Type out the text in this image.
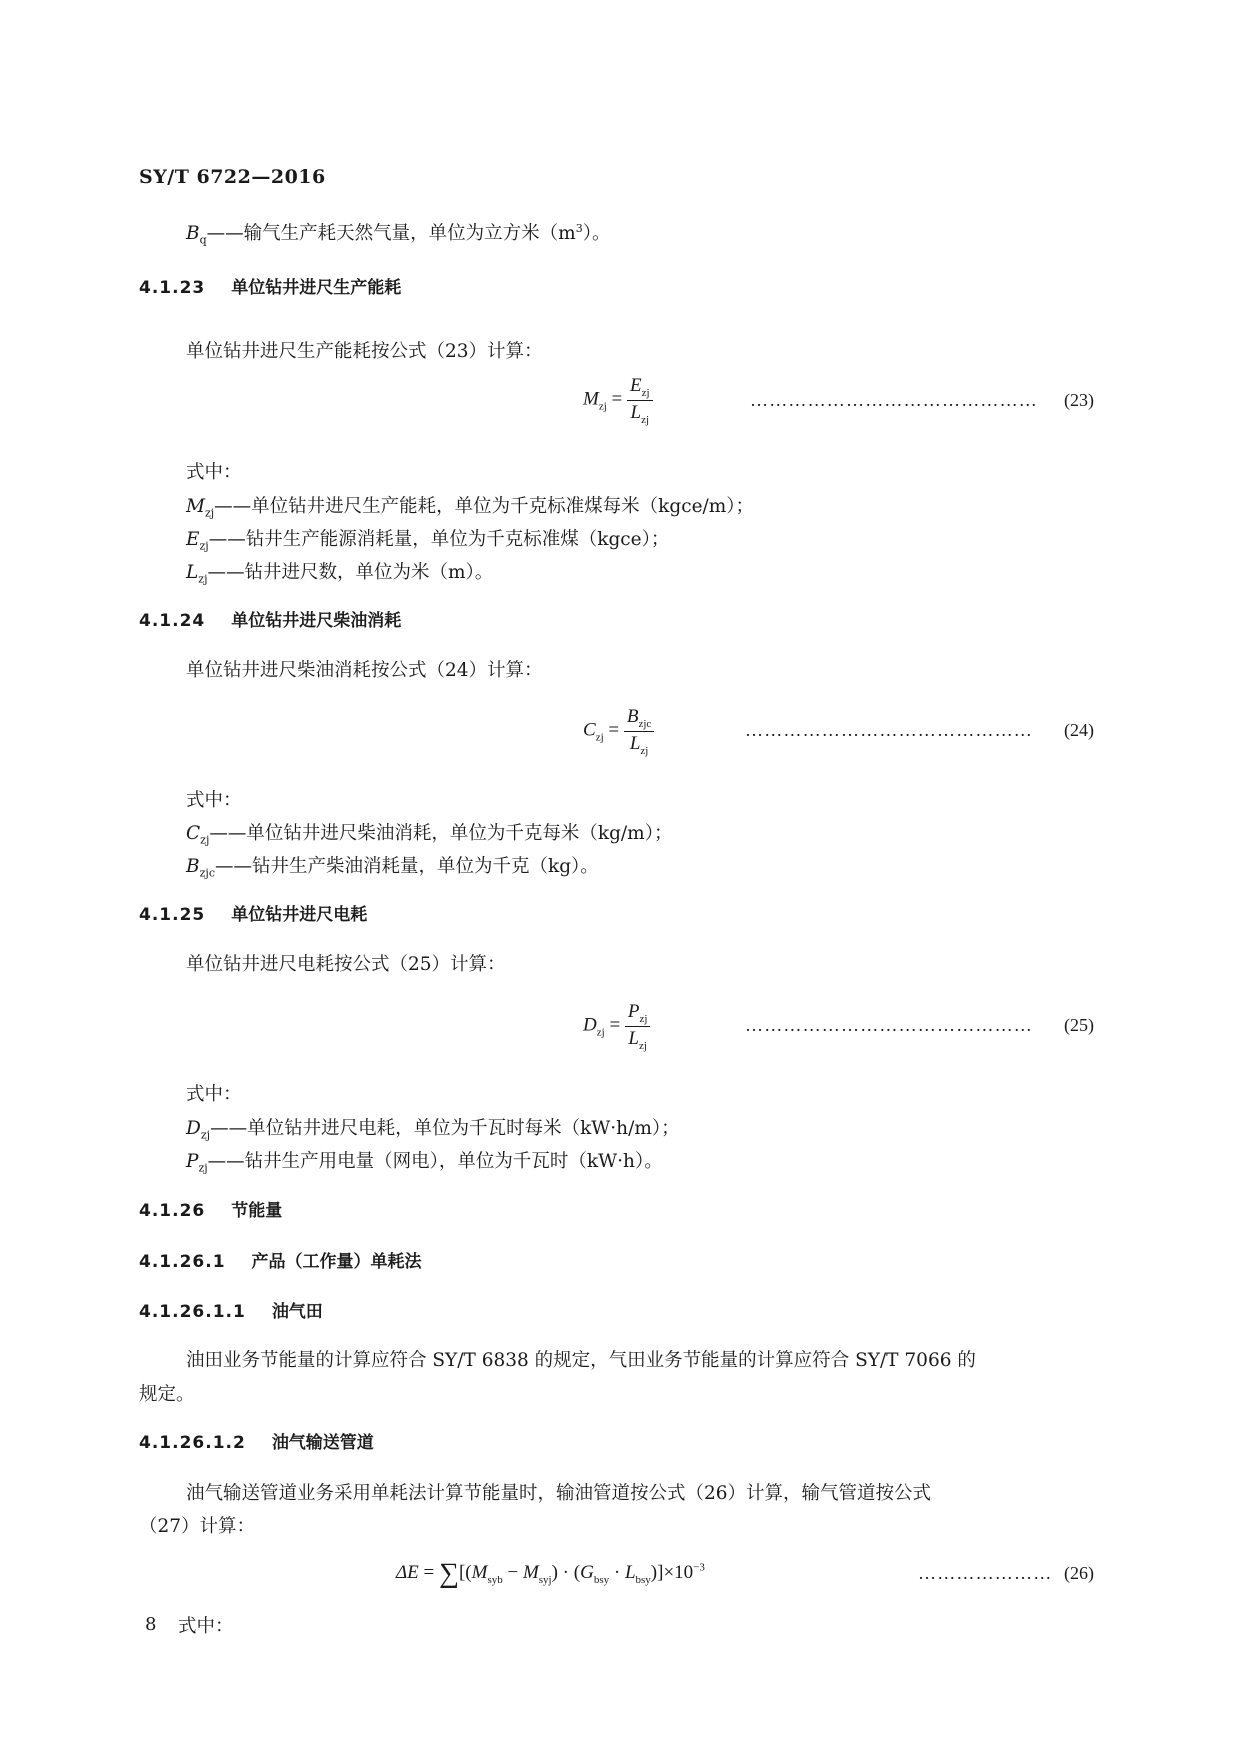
SY/T 6722—2016
$B_q——$输气生产耗天然气量，单位为立方米$(m^3)$。
4.1.23 单位钻井进尺生产能耗
单位钻井进尺生产能耗按公式（23）计算：
$M_{zj} = \frac{E_{zj}}{L_{zj}}$	……………………………………… (23)
式中：
$M_{zj}——$单位钻井进尺生产能耗，单位为千克标准煤每米（kgce/m）；
$E_{zj}——$钻井生产能源消耗量，单位为千克标准煤（kgce）；
$L_{zj}——$钻井进尺数，单位为米（m）。
4.1.24 单位钻井进尺柴油消耗
单位钻井进尺柴油消耗按公式（24）计算：
$C_{zj} = \frac{B_{zjc}}{L_{zj}}$	……………………………………… (24)
式中：
$C_{zj}——$单位钻井进尺柴油消耗，单位为千克每米（kg/m）；
$B_{zjc}——$钻井生产柴油消耗量，单位为千克（kg）。
4.1.25 单位钻井进尺电耗
单位钻井进尺电耗按公式（25）计算：
$D_{zj} = \frac{P_{zj}}{L_{zj}}$	……………………………………… (25)
式中：
$D_{zj}——$单位钻井进尺电耗，单位为千瓦时每米（kW·h/m）；
$P_{zj}——$钻井生产用电量（网电），单位为千瓦时（kW·h）。
4.1.26 节能量
4.1.26.1 产品（工作量）单耗法
4.1.26.1.1 油气田
油田业务节能量的计算应符合 SY/T 6838 的规定，气田业务节能量的计算应符合 SY/T 7066 的
规定。
4.1.26.1.2 油气输送管道
油气输送管道业务采用单耗法计算节能量时，输油管道按公式（26）计算，输气管道按公式
（27）计算：
$\Delta E = \sum[(M_{syb} - M_{syj}) \cdot (G_{bsy} \cdot L_{bsy})]\times 10^{-3}$	………………… (26)
式中：
8
